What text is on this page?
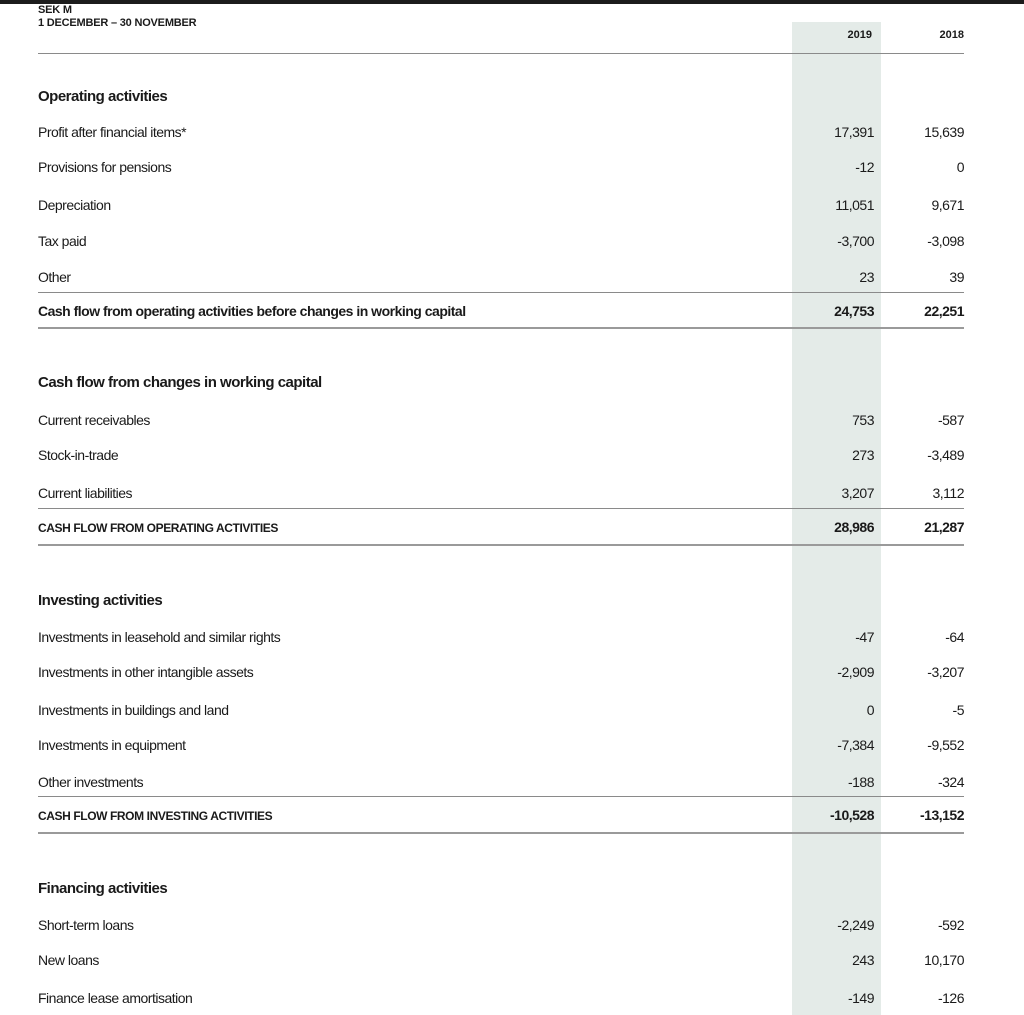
SEK M
1 DECEMBER – 30 NOVEMBER
2019	2018
Operating activities
Profit after financial items*	17,391	15,639
Provisions for pensions	-12	0
Depreciation	11,051	9,671
Tax paid	-3,700	-3,098
Other	23	39
Cash flow from operating activities before changes in working capital	24,753	22,251
Cash flow from changes in working capital
Current receivables	753	-587
Stock-in-trade	273	-3,489
Current liabilities	3,207	3,112
CASH FLOW FROM OPERATING ACTIVITIES	28,986	21,287
Investing activities
Investments in leasehold and similar rights	-47	-64
Investments in other intangible assets	-2,909	-3,207
Investments in buildings and land	0	-5
Investments in equipment	-7,384	-9,552
Other investments	-188	-324
CASH FLOW FROM INVESTING ACTIVITIES	-10,528	-13,152
Financing activities
Short-term loans	-2,249	-592
New loans	243	10,170
Finance lease amortisation	-149	-126
